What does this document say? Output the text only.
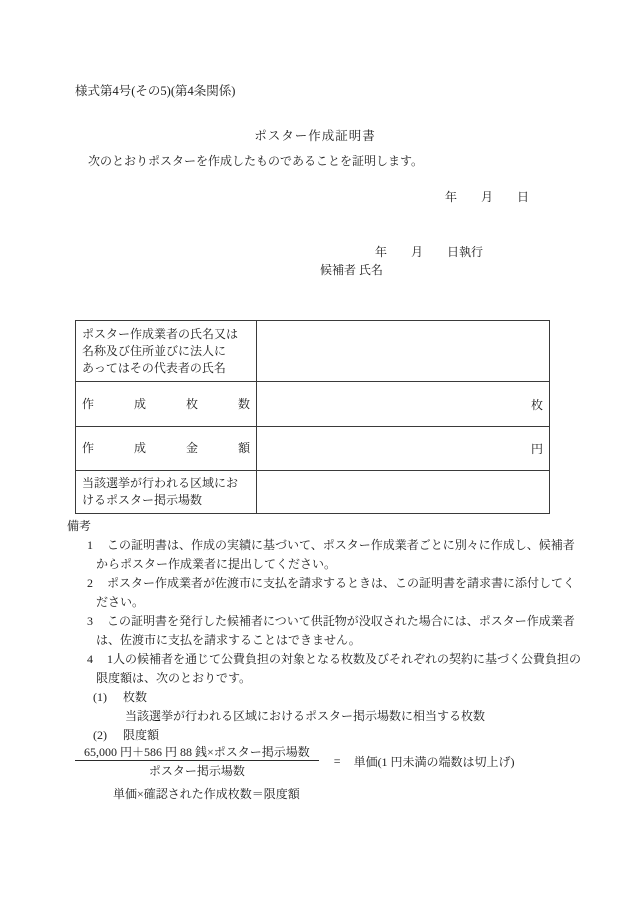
様式第4号(その5)(第4条関係)
ポスター作成証明書
次のとおりポスターを作成したものであることを証明します。
年　　月　　日
年　　月　　日執行
候補者 氏名
ポスター作成業者の氏名又は
名称及び住所並びに法人に
あってはその代表者の氏名	

作成枚数	枚
作成金額	円

当該選挙が行われる区域にお
けるポスター掲示場数	

備考
1 この証明書は、作成の実績に基づいて、ポスター作成業者ごとに別々に作成し、候補者からポスター作成業者に提出してください。
2 ポスター作成業者が佐渡市に支払を請求するときは、この証明書を請求書に添付してください。
3 この証明書を発行した候補者について供託物が没収された場合には、ポスター作成業者は、佐渡市に支払を請求することはできません。
4 1人の候補者を通じて公費負担の対象となる枚数及びそれぞれの契約に基づく公費負担の限度額は、次のとおりです。
(1) 枚数
当該選挙が行われる区域におけるポスター掲示場数に相当する枚数
(2) 限度額
$\frac{\text{65,000 円＋586 円 88 銭×ポスター掲示場数}}{\text{ポスター掲示場数}}$ = 単価(1 円未満の端数は切上げ)
単価×確認された作成枚数＝限度額
